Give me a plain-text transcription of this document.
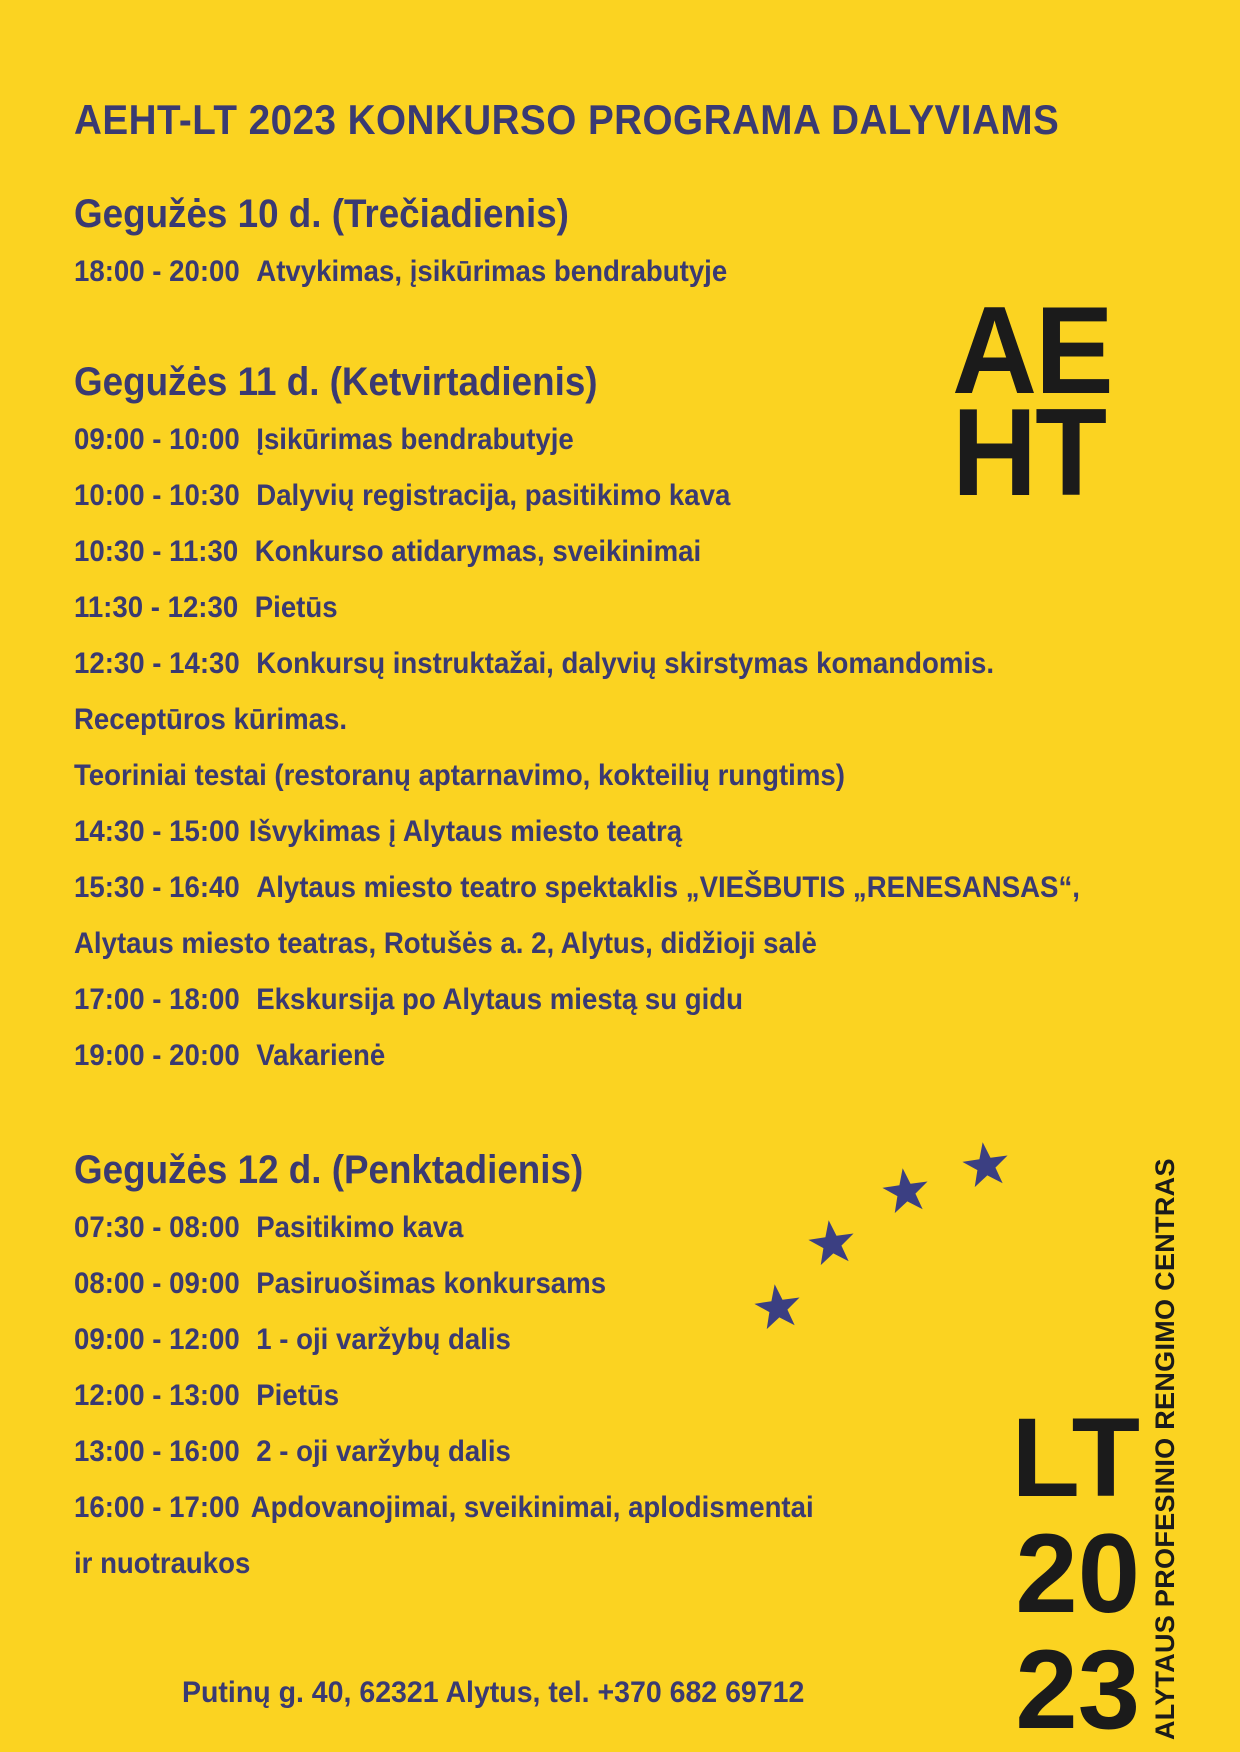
AEHT-LT 2023 KONKURSO PROGRAMA DALYVIAMS
Gegužės 10 d. (Trečiadienis)
18:00 - 20:00 Atvykimas, įsikūrimas bendrabutyje
Gegužės 11 d. (Ketvirtadienis)
09:00 - 10:00 Įsikūrimas bendrabutyje
10:00 - 10:30 Dalyvių registracija, pasitikimo kava
10:30 - 11:30 Konkurso atidarymas, sveikinimai
11:30 - 12:30 Pietūs
12:30 - 14:30 Konkursų instruktažai, dalyvių skirstymas komandomis.
Receptūros kūrimas.
Teoriniai testai (restoranų aptarnavimo, kokteilių rungtims)
14:30 - 15:00 Išvykimas į Alytaus miesto teatrą
15:30 - 16:40 Alytaus miesto teatro spektaklis „VIEŠBUTIS „RENESANSAS“,
Alytaus miesto teatras, Rotušės a. 2, Alytus, didžioji salė
17:00 - 18:00 Ekskursija po Alytaus miestą su gidu
19:00 - 20:00 Vakarienė
Gegužės 12 d. (Penktadienis)
07:30 - 08:00 Pasitikimo kava
08:00 - 09:00 Pasiruošimas konkursams
09:00 - 12:00 1 - oji varžybų dalis
12:00 - 13:00 Pietūs
13:00 - 16:00 2 - oji varžybų dalis
16:00 - 17:00 Apdovanojimai, sveikinimai, aplodismentai
ir nuotraukos
AE
HT
LT
20
23 ALYTAUS PROFESINIO RENGIMO CENTRAS
Putinų g. 40, 62321 Alytus, tel. +370 682 69712
